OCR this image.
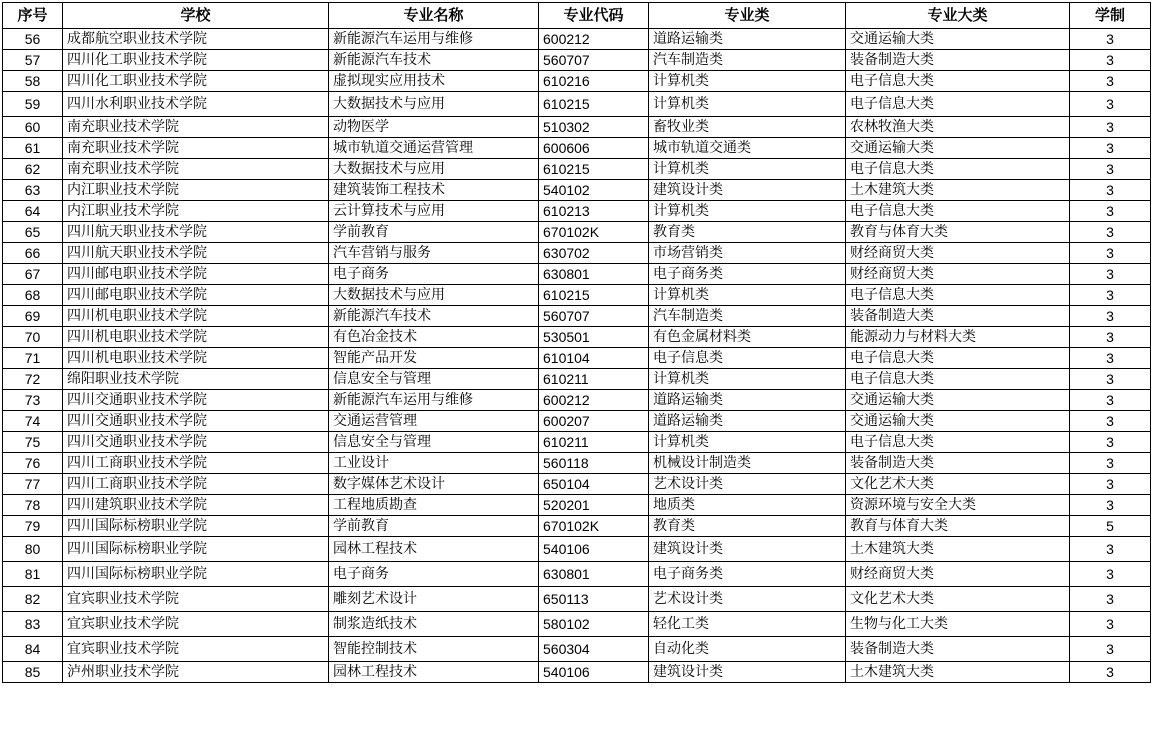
序号	学校	专业名称	专业代码	专业类	专业大类	学制
56	成都航空职业技术学院	新能源汽车运用与维修	600212	道路运输类	交通运输大类	3
57	四川化工职业技术学院	新能源汽车技术	560707	汽车制造类	装备制造大类	3
58	四川化工职业技术学院	虚拟现实应用技术	610216	计算机类	电子信息大类	3
59	四川水利职业技术学院	大数据技术与应用	610215	计算机类	电子信息大类	3
60	南充职业技术学院	动物医学	510302	畜牧业类	农林牧渔大类	3
61	南充职业技术学院	城市轨道交通运营管理	600606	城市轨道交通类	交通运输大类	3
62	南充职业技术学院	大数据技术与应用	610215	计算机类	电子信息大类	3
63	内江职业技术学院	建筑装饰工程技术	540102	建筑设计类	土木建筑大类	3
64	内江职业技术学院	云计算技术与应用	610213	计算机类	电子信息大类	3
65	四川航天职业技术学院	学前教育	670102K	教育类	教育与体育大类	3
66	四川航天职业技术学院	汽车营销与服务	630702	市场营销类	财经商贸大类	3
67	四川邮电职业技术学院	电子商务	630801	电子商务类	财经商贸大类	3
68	四川邮电职业技术学院	大数据技术与应用	610215	计算机类	电子信息大类	3
69	四川机电职业技术学院	新能源汽车技术	560707	汽车制造类	装备制造大类	3
70	四川机电职业技术学院	有色冶金技术	530501	有色金属材料类	能源动力与材料大类	3
71	四川机电职业技术学院	智能产品开发	610104	电子信息类	电子信息大类	3
72	绵阳职业技术学院	信息安全与管理	610211	计算机类	电子信息大类	3
73	四川交通职业技术学院	新能源汽车运用与维修	600212	道路运输类	交通运输大类	3
74	四川交通职业技术学院	交通运营管理	600207	道路运输类	交通运输大类	3
75	四川交通职业技术学院	信息安全与管理	610211	计算机类	电子信息大类	3
76	四川工商职业技术学院	工业设计	560118	机械设计制造类	装备制造大类	3
77	四川工商职业技术学院	数字媒体艺术设计	650104	艺术设计类	文化艺术大类	3
78	四川建筑职业技术学院	工程地质勘查	520201	地质类	资源环境与安全大类	3
79	四川国际标榜职业学院	学前教育	670102K	教育类	教育与体育大类	5
80	四川国际标榜职业学院	园林工程技术	540106	建筑设计类	土木建筑大类	3
81	四川国际标榜职业学院	电子商务	630801	电子商务类	财经商贸大类	3
82	宜宾职业技术学院	雕刻艺术设计	650113	艺术设计类	文化艺术大类	3
83	宜宾职业技术学院	制浆造纸技术	580102	轻化工类	生物与化工大类	3
84	宜宾职业技术学院	智能控制技术	560304	自动化类	装备制造大类	3
85	泸州职业技术学院	园林工程技术	540106	建筑设计类	土木建筑大类	3
